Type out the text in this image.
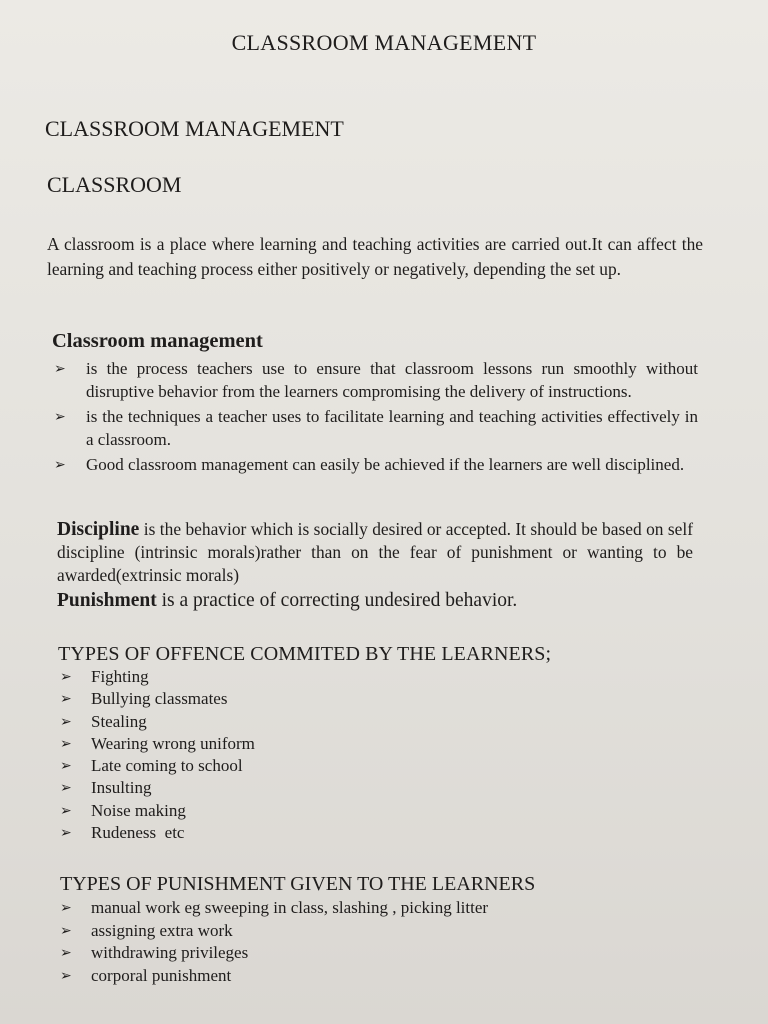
CLASSROOM MANAGEMENT
CLASSROOM MANAGEMENT
CLASSROOM

A classroom is a place where learning and teaching activities are carried out.It can affect the learning and teaching process either positively or negatively, depending the set up.

Classroom management
➢ is the process teachers use to ensure that classroom lessons run smoothly without disruptive behavior from the learners compromising the delivery of instructions.
➢ is the techniques a teacher uses to facilitate learning and teaching activities effectively in a classroom.
➢ Good classroom management can easily be achieved if the learners are well disciplined.
Discipline is the behavior which is socially desired or accepted. It should be based on self discipline (intrinsic morals)rather than on the fear of punishment or wanting to be awarded(extrinsic morals)
Punishment is a practice of correcting undesired behavior.
TYPES OF OFFENCE COMMITED BY THE LEARNERS;
➢ Fighting
➢ Bullying classmates
➢ Stealing
➢ Wearing wrong uniform
➢ Late coming to school
➢ Insulting
➢ Noise making
➢ Rudeness  etc
TYPES OF PUNISHMENT GIVEN TO THE LEARNERS
➢ manual work eg sweeping in class, slashing , picking litter
➢ assigning extra work
➢ withdrawing privileges
➢ corporal punishment
